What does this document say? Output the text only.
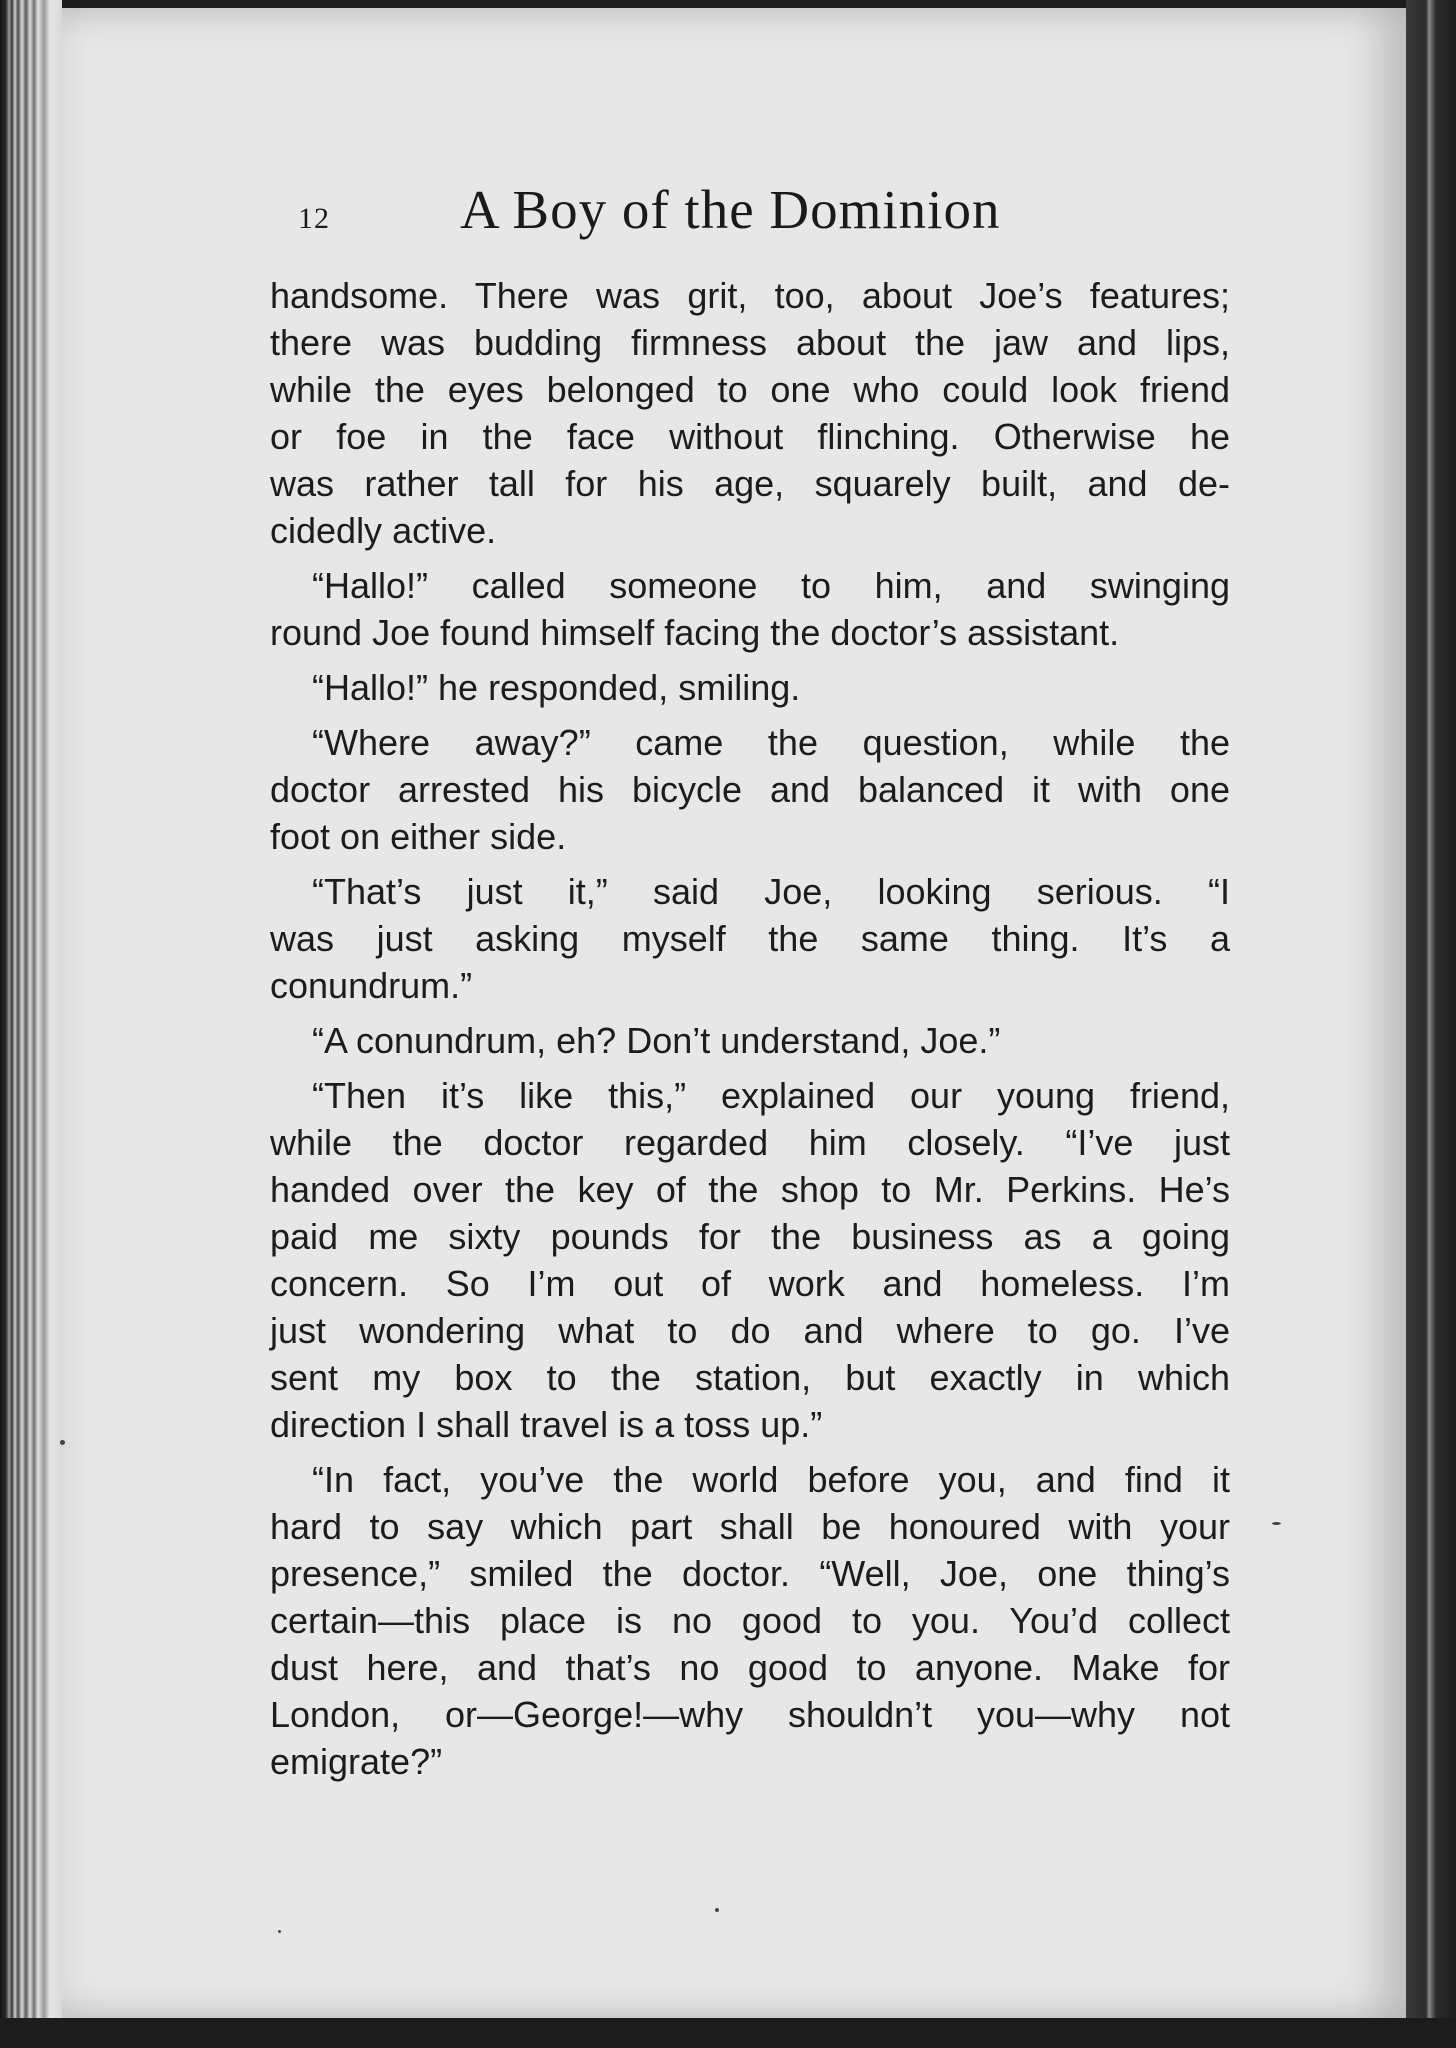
12 A Boy of the Dominion
handsome. There was grit, too, about Joe’s features;
there was budding firmness about the jaw and lips,
while the eyes belonged to one who could look friend
or foe in the face without flinching. Otherwise he
was rather tall for his age, squarely built, and de-
cidedly active.
“Hallo!” called someone to him, and swinging
round Joe found himself facing the doctor’s assistant.
“Hallo!” he responded, smiling.
“Where away?” came the question, while the
doctor arrested his bicycle and balanced it with one
foot on either side.
“That’s just it,” said Joe, looking serious. “I
was just asking myself the same thing. It’s a
conundrum.”
“A conundrum, eh? Don’t understand, Joe.”
“Then it’s like this,” explained our young friend,
while the doctor regarded him closely. “I’ve just
handed over the key of the shop to Mr. Perkins. He’s
paid me sixty pounds for the business as a going
concern. So I’m out of work and homeless. I’m
just wondering what to do and where to go. I’ve
sent my box to the station, but exactly in which
direction I shall travel is a toss up.”
“In fact, you’ve the world before you, and find it
hard to say which part shall be honoured with your
presence,” smiled the doctor. “Well, Joe, one thing’s
certain—this place is no good to you. You’d collect
dust here, and that’s no good to anyone. Make for
London, or—George!—why shouldn’t you—why not
emigrate?”
